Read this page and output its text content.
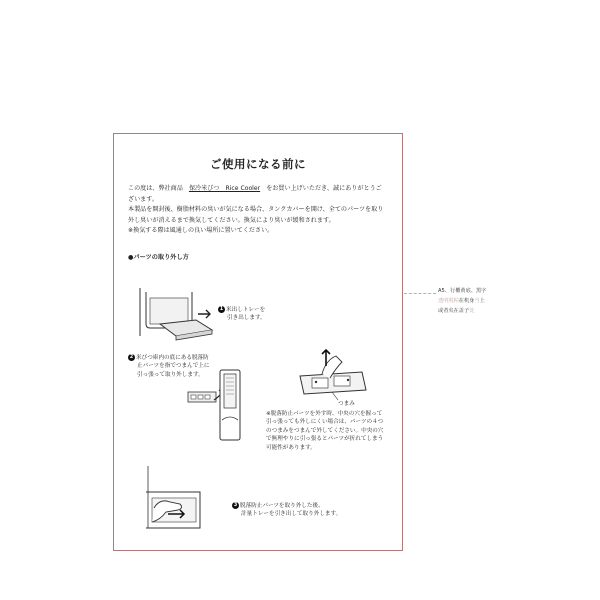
ご使用になる前に

この度は、弊社商品　 保冷米びつ　Rice Cooler　 をお買い上げいただき、誠にありがとうご

ざいます。

本製品を開封後、樹脂材料の臭いが気になる場合、タンクカバーを開け、全てのパーツを取り

外し臭いが消えるまで換気してください。換気により臭いが緩和されます。

※換気する際は風通しの良い場所に置いてください。

●パーツの取り外し方
1 米出しトレーを
引き出します。
2 米びつ庫内の底にある脱落防
止パーツを指でつまんで上に
引っ張って取り外します。
つまみ
※脱落防止パーツを外す時、中央の穴を握って
引っ張っても外しにくい場合は、パーツの４つ
のつまみをつまんで外してください。中央の穴
で無理やりに引っ張るとパーツが折れてしまう
可能性があります。
3 脱落防止パーツを取り外した後、
計量トレーを引き出して取り外します。
A5、行櫃黄底、黑字
透明脱粘在机身当上
或者夹在盖子处
